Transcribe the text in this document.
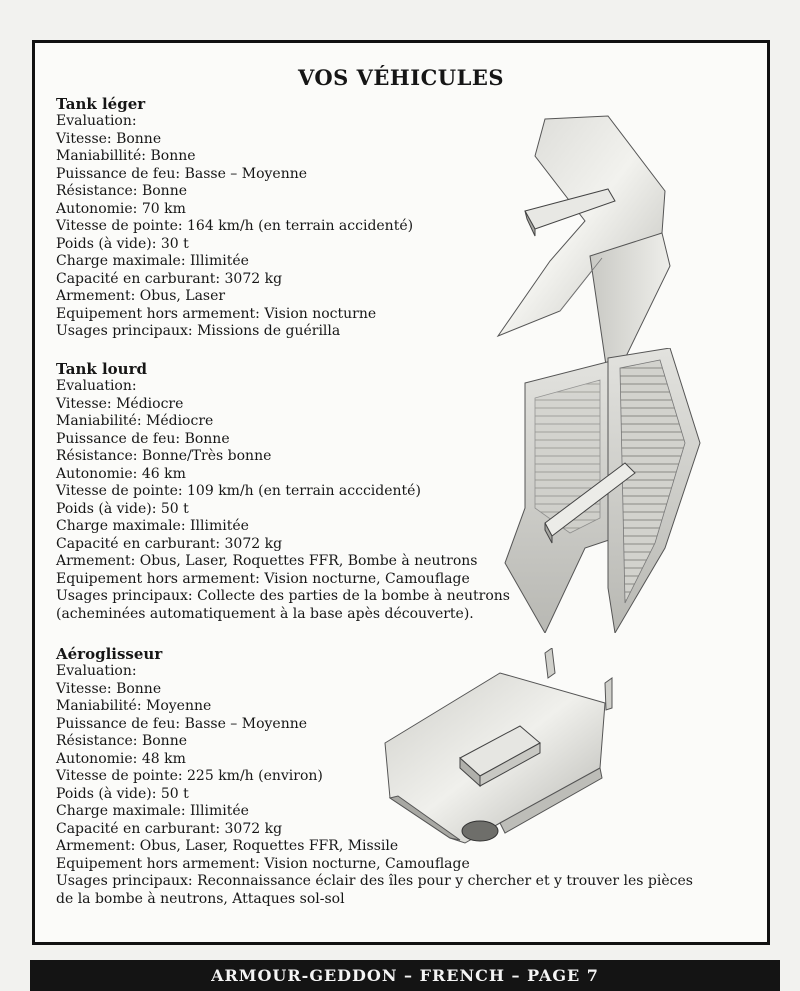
VOS VÉHICULES
Tank léger
Evaluation:
Vitesse: Bonne
Maniabillité: Bonne
Puissance de feu: Basse – Moyenne
Résistance: Bonne
Autonomie: 70 km
Vitesse de pointe: 164 km/h (en terrain accidenté)
Poids (à vide): 30 t
Charge maximale: Illimitée
Capacité en carburant: 3072 kg
Armement: Obus, Laser
Equipement hors armement: Vision nocturne
Usages principaux: Missions de guérilla
Tank lourd
Evaluation:
Vitesse: Médiocre
Maniabilité: Médiocre
Puissance de feu: Bonne
Résistance: Bonne/Très bonne
Autonomie: 46 km
Vitesse de pointe: 109 km/h (en terrain acccidenté)
Poids (à vide): 50 t
Charge maximale: Illimitée
Capacité en carburant: 3072 kg
Armement: Obus, Laser, Roquettes FFR, Bombe à neutrons
Equipement hors armement: Vision nocturne, Camouflage
Usages principaux: Collecte des parties de la bombe à neutrons
(acheminées automatiquement à la base apès découverte).
Aéroglisseur
Evaluation:
Vitesse: Bonne
Maniabilité: Moyenne
Puissance de feu: Basse – Moyenne
Résistance: Bonne
Autonomie: 48 km
Vitesse de pointe: 225 km/h (environ)
Poids (à vide): 50 t
Charge maximale: Illimitée
Capacité en carburant: 3072 kg
Armement: Obus, Laser, Roquettes FFR, Missile
Equipement hors armement: Vision nocturne, Camouflage
Usages principaux: Reconnaissance éclair des îles pour y chercher et y trouver les pièces
de la bombe à neutrons, Attaques sol-sol
ARMOUR-GEDDON – FRENCH – PAGE 7
